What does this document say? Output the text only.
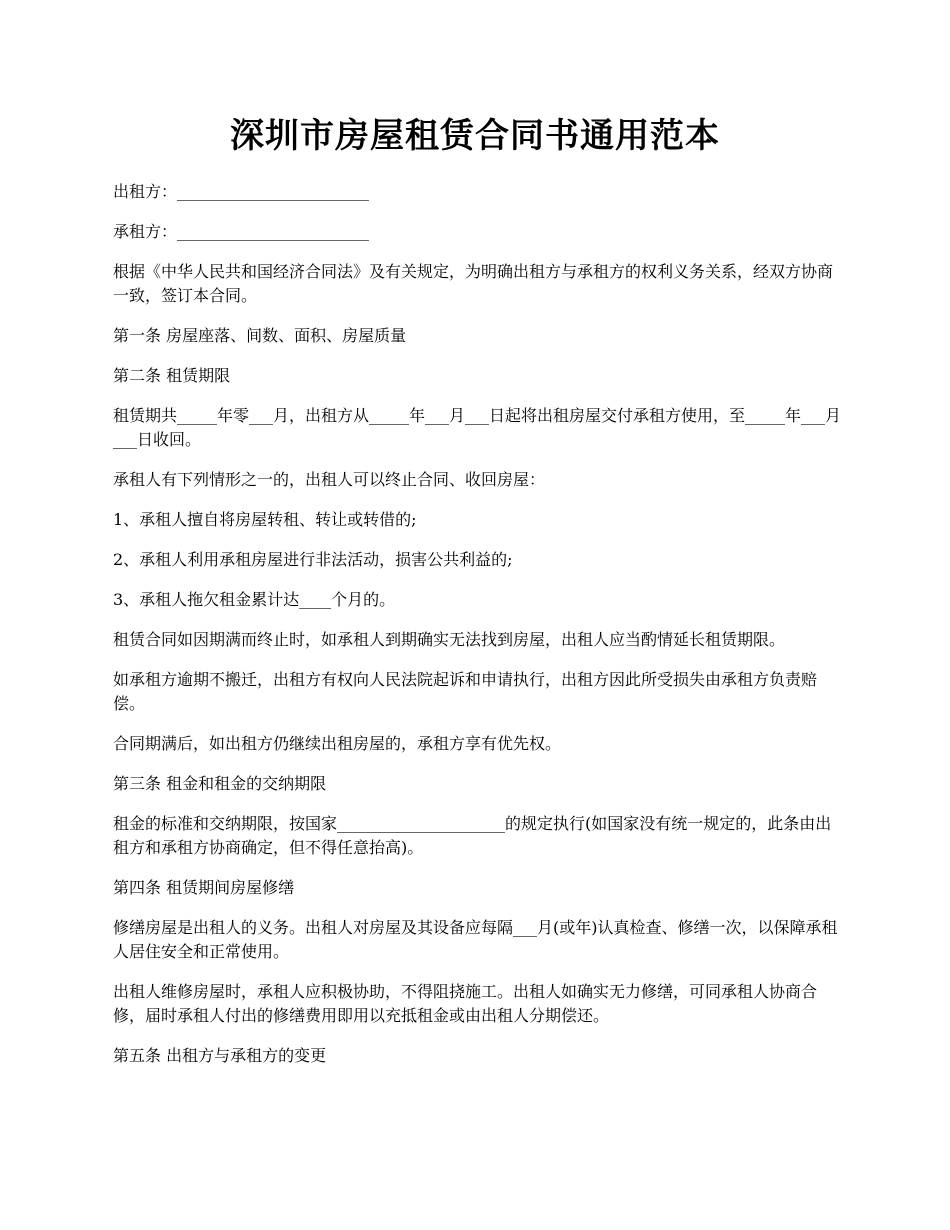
深圳市房屋租赁合同书通用范本

出租方：________________________

承租方：________________________

根据《中华人民共和国经济合同法》及有关规定，为明确出租方与承租方的权利义务关系，经双方协商一致，签订本合同。

第一条 房屋座落、间数、面积、房屋质量

第二条 租赁期限

租赁期共_____年零___月，出租方从_____年___月___日起将出租房屋交付承租方使用，至_____年___月___日收回。

承租人有下列情形之一的，出租人可以终止合同、收回房屋：

1、承租人擅自将房屋转租、转让或转借的;

2、承租人利用承租房屋进行非法活动，损害公共利益的;

3、承租人拖欠租金累计达____个月的。

租赁合同如因期满而终止时，如承租人到期确实无法找到房屋，出租人应当酌情延长租赁期限。

如承租方逾期不搬迁，出租方有权向人民法院起诉和申请执行，出租方因此所受损失由承租方负责赔偿。

合同期满后，如出租方仍继续出租房屋的，承租方享有优先权。

第三条 租金和租金的交纳期限

租金的标准和交纳期限，按国家_____________________的规定执行(如国家没有统一规定的，此条由出租方和承租方协商确定，但不得任意抬高)。

第四条 租赁期间房屋修缮

修缮房屋是出租人的义务。出租人对房屋及其设备应每隔___月(或年)认真检查、修缮一次，以保障承租人居住安全和正常使用。

出租人维修房屋时，承租人应积极协助，不得阻挠施工。出租人如确实无力修缮，可同承租人协商合修，届时承租人付出的修缮费用即用以充抵租金或由出租人分期偿还。

第五条 出租方与承租方的变更
